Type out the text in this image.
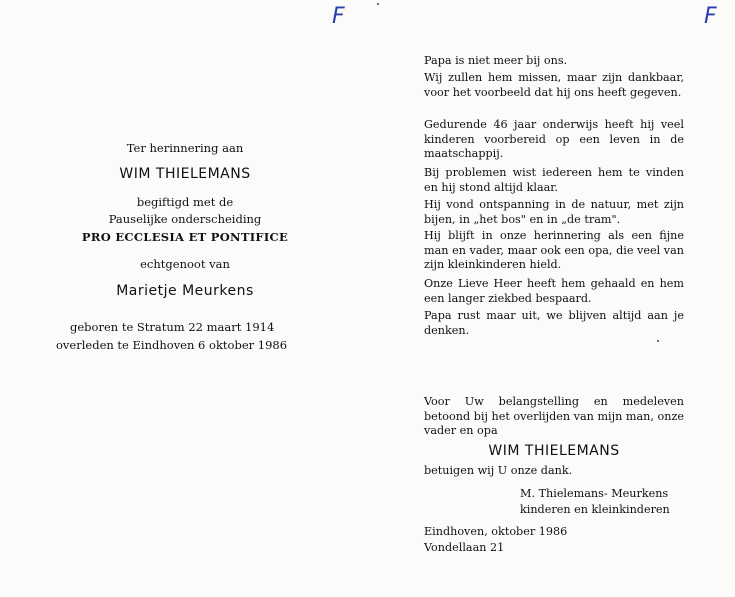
F	F
Ter herinnering aan
WIM THIELEMANS
begiftigd met de
Pauselijke onderscheiding
PRO ECCLESIA ET PONTIFICE
echtgenoot van
Marietje Meurkens
geboren te Stratum 22 maart 1914
overleden te Eindhoven 6 oktober 1986
Papa is niet meer bij ons.
Wij zullen hem missen, maar zijn dankbaar, voor het voorbeeld dat hij ons heeft gegeven.
Gedurende 46 jaar onderwijs heeft hij veel kinderen voorbereid op een leven in de maatschappij.
Bij problemen wist iedereen hem te vinden en hij stond altijd klaar.
Hij vond ontspanning in de natuur, met zijn bijen, in „het bos" en in „de tram".
Hij blijft in onze herinnering als een fijne man en vader, maar ook een opa, die veel van zijn kleinkinderen hield.
Onze Lieve Heer heeft hem gehaald en hem een langer ziekbed bespaard.
Papa rust maar uit, we blijven altijd aan je denken.
Voor Uw belangstelling en medeleven betoond bij het overlijden van mijn man, onze vader en opa
WIM THIELEMANS
betuigen wij U onze dank.
M. Thielemans- Meurkens
kinderen en kleinkinderen
Eindhoven, oktober 1986
Vondellaan 21
